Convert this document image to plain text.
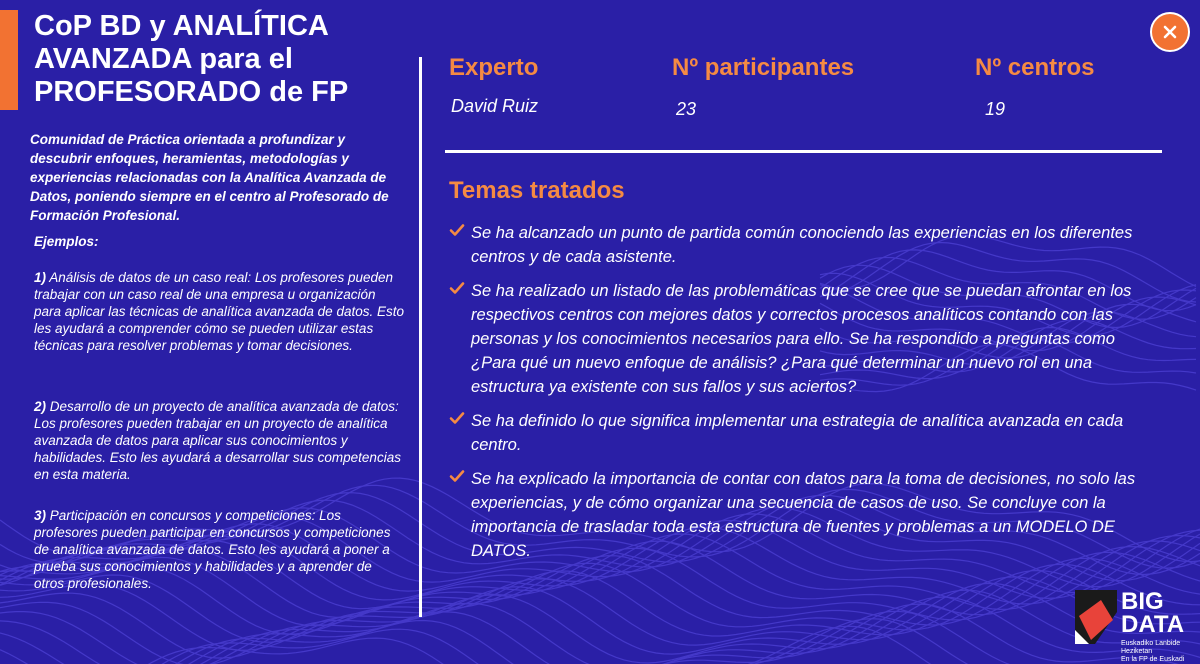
CoP BD y ANALÍTICA AVANZADA para el PROFESORADO de FP

Comunidad de Práctica orientada a profundizar y descubrir enfoques, heramientas, metodologías y experiencias relacionadas con la Analítica Avanzada de Datos, poniendo siempre en el centro al Profesorado de Formación Profesional.

Ejemplos:

1) Análisis de datos de un caso real: Los profesores pueden trabajar con un caso real de una empresa u organización para aplicar las técnicas de analítica avanzada de datos. Esto les ayudará a comprender cómo se pueden utilizar estas técnicas para resolver problemas y tomar decisiones.

2) Desarrollo de un proyecto de analítica avanzada de datos: Los profesores pueden trabajar en un proyecto de analítica avanzada de datos para aplicar sus conocimientos y habilidades. Esto les ayudará a desarrollar sus competencias en esta materia.

3) Participación en concursos y competiciones: Los profesores pueden participar en concursos y competiciones de analítica avanzada de datos. Esto les ayudará a poner a prueba sus conocimientos y habilidades y a aprender de otros profesionales.

Experto	Nº participantes	Nº centros

David Ruiz	23	19

Temas tratados
Se ha alcanzado un punto de partida común conociendo las experiencias en los diferentes centros y de cada asistente.
Se ha realizado un listado de las problemáticas que se cree que se puedan afrontar en los respectivos centros con mejores datos y correctos procesos analíticos contando con las personas y los conocimientos necesarios para ello. Se ha respondido a preguntas como ¿Para qué un nuevo enfoque de análisis? ¿Para qué determinar un nuevo rol en una estructura ya existente con sus fallos y sus aciertos?
Se ha definido lo que significa implementar una estrategia de analítica avanzada en cada centro.
Se ha explicado la importancia de contar con datos para la toma de decisiones, no solo las experiencias, y de cómo organizar una secuencia de casos de uso. Se concluye con la importancia de trasladar toda esta estructura de fuentes y problemas a un MODELO DE DATOS.

BIG
DATA

Euskadiko Lanbide Heziketan
En la FP de Euskadi
